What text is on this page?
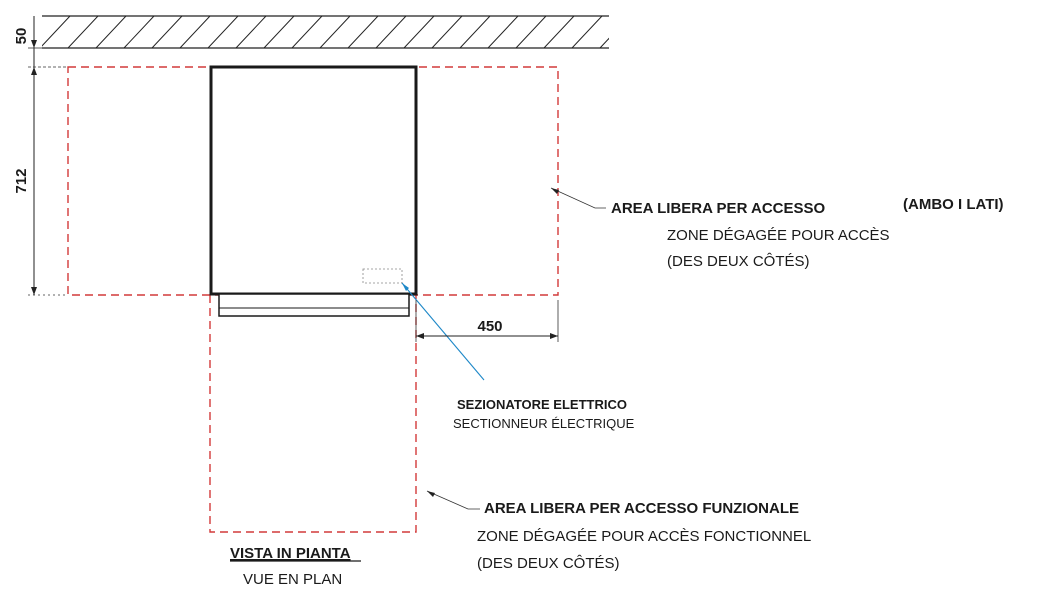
50
712
450
AREA LIBERA PER ACCESSO	(AMBO I LATI)
ZONE DÉGAGÉE POUR ACCÈS
(DES DEUX CÔTÉS)
SEZIONATORE ELETTRICO
SECTIONNEUR ÉLECTRIQUE
AREA LIBERA PER ACCESSO FUNZIONALE
ZONE DÉGAGÉE POUR ACCÈS FONCTIONNEL
(DES DEUX CÔTÉS)
VISTA IN PIANTA
VUE EN PLAN
